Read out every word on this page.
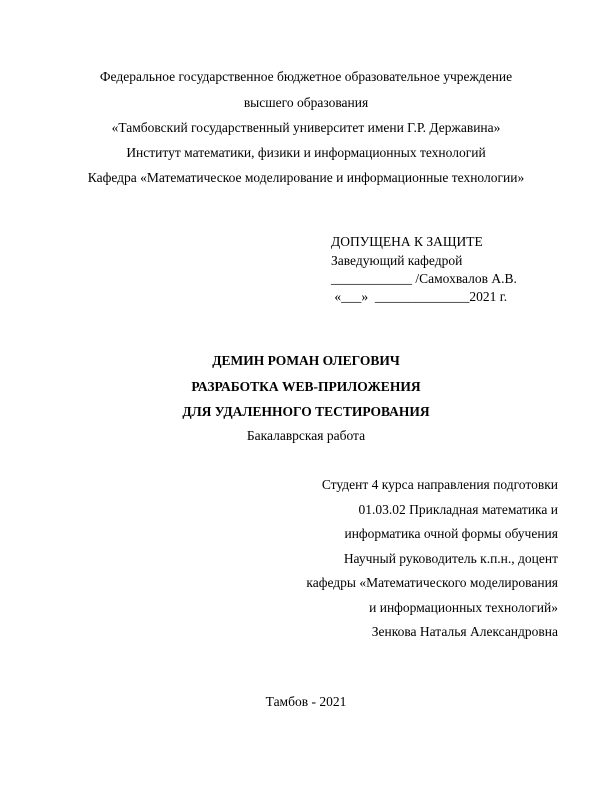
Федеральное государственное бюджетное образовательное учреждение
высшего образования
«Тамбовский государственный университет имени Г.Р. Державина»
Институт математики, физики и информационных технологий
Кафедра «Математическое моделирование и информационные технологии»
ДОПУЩЕНА К ЗАЩИТЕ
Заведующий кафедрой
____________ /Самохвалов А.В.
«___»  ______________2021 г.
ДЕМИН РОМАН ОЛЕГОВИЧ
РАЗРАБОТКА WEB-ПРИЛОЖЕНИЯ
ДЛЯ УДАЛЕННОГО ТЕСТИРОВАНИЯ
Бакалаврская работа
Студент 4 курса направления подготовки
01.03.02 Прикладная математика и
информатика очной формы обучения
Научный руководитель к.п.н., доцент
кафедры «Математического моделирования
и информационных технологий»
Зенкова Наталья Александровна
Тамбов - 2021
